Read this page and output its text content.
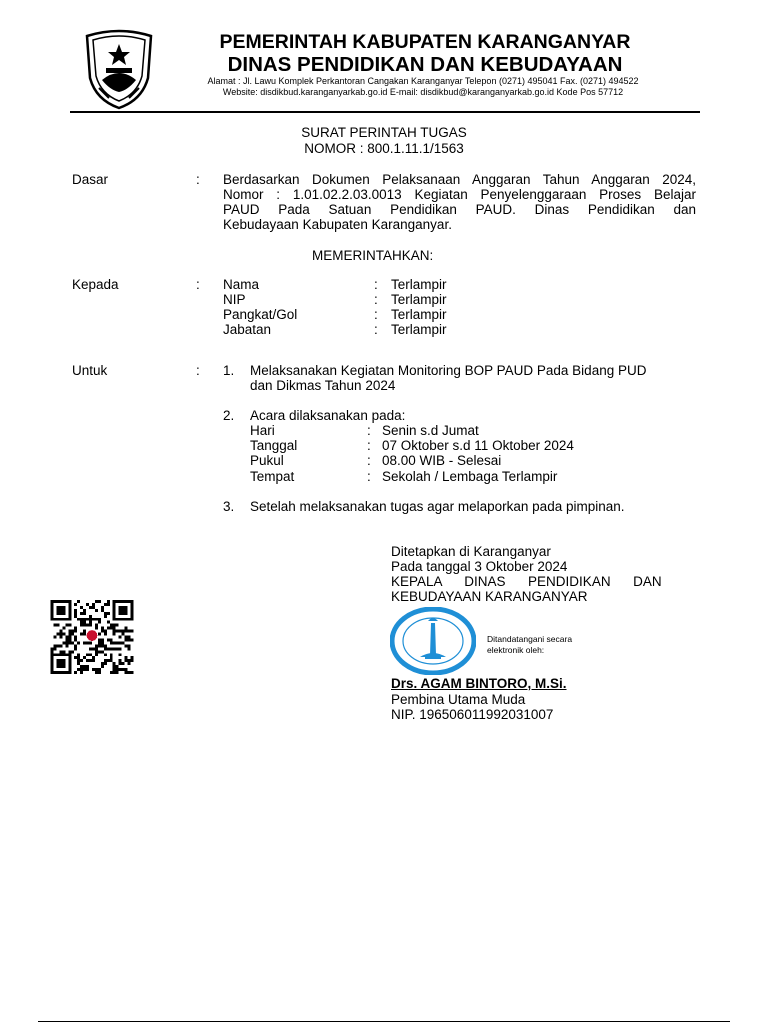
PEMERINTAH KABUPATEN KARANGANYAR
DINAS PENDIDIKAN DAN KEBUDAYAAN
Alamat : Jl. Lawu Komplek Perkantoran Cangakan Karanganyar Telepon (0271) 495041 Fax. (0271) 494522
Website: disdikbud.karanganyarkab.go.id E-mail: disdikbud@karanganyarkab.go.id Kode Pos 57712
SURAT PERINTAH TUGAS
NOMOR : 800.1.11.1/1563
Dasar	: Berdasarkan Dokumen Pelaksanaan Anggaran Tahun Anggaran 2024,
Nomor : 1.01.02.2.03.0013 Kegiatan Penyelenggaraan Proses Belajar
PAUD Pada Satuan Pendidikan PAUD. Dinas Pendidikan dan
Kebudayaan Kabupaten Karanganyar.
MEMERINTAHKAN:
Kepada	: Nama	: Terlampir
NIP	: Terlampir
Pangkat/Gol	: Terlampir
Jabatan	: Terlampir
Untuk	: 1. Melaksanakan Kegiatan Monitoring BOP PAUD Pada Bidang PUD
dan Dikmas Tahun 2024
2. Acara dilaksanakan pada:
Hari	: Senin s.d Jumat
Tanggal	: 07 Oktober s.d 11 Oktober 2024
Pukul	: 08.00 WIB - Selesai
Tempat	: Sekolah / Lembaga Terlampir
3. Setelah melaksanakan tugas agar melaporkan pada pimpinan.
Ditetapkan di Karanganyar
Pada tanggal 3 Oktober 2024
KEPALA      DINAS      PENDIDIKAN      DAN
KEBUDAYAAN KARANGANYAR
Ditandatangani secara
elektronik oleh:
Drs. AGAM BINTORO, M.Si.
Pembina Utama Muda
NIP. 196506011992031007
